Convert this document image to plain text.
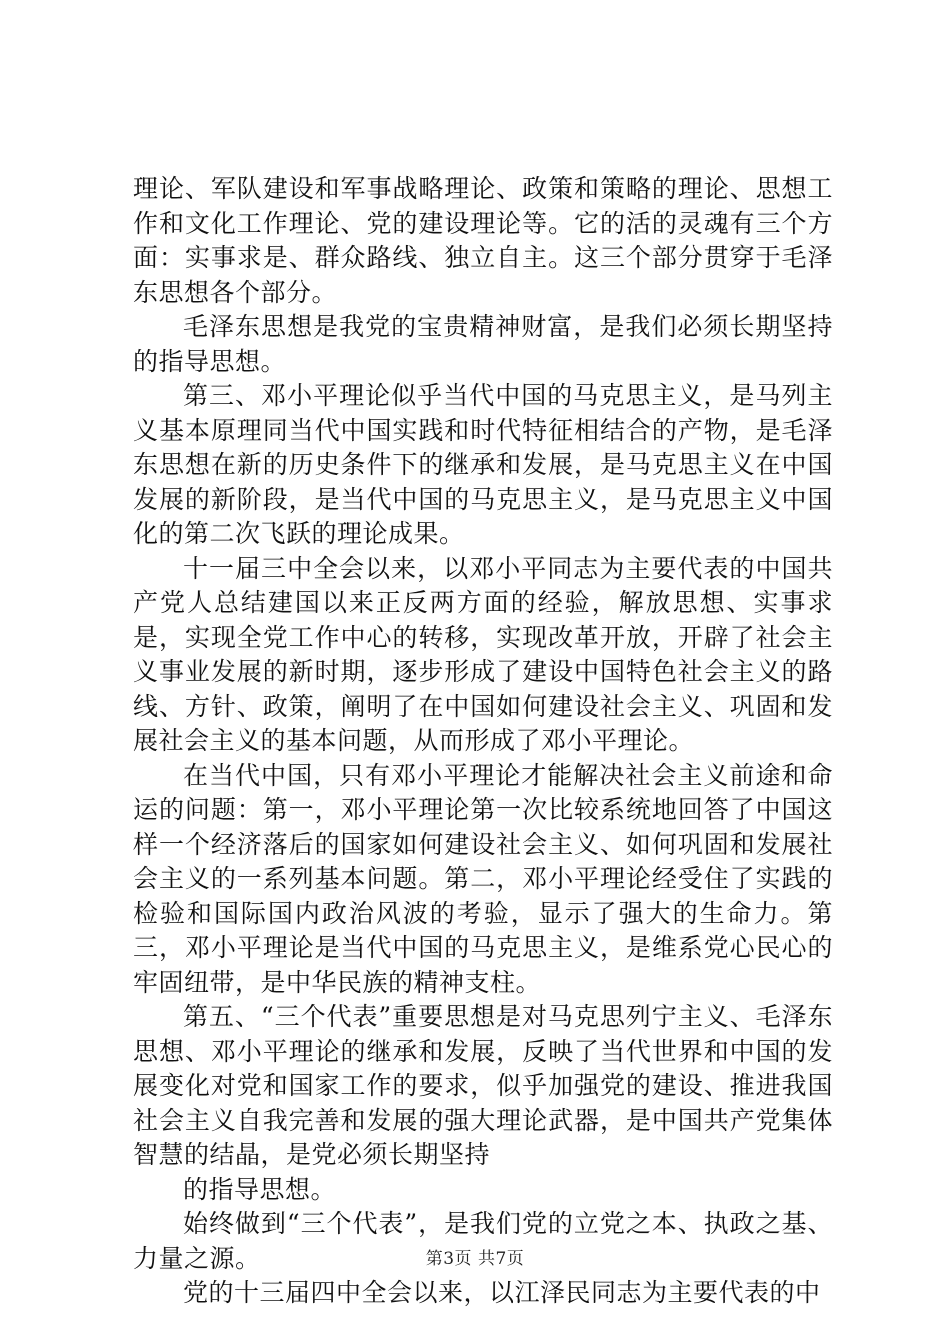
理论、军队建设和军事战略理论、政策和策略的理论、思想工作和文化工作理论、党的建设理论等。它的活的灵魂有三个方面：实事求是、群众路线、独立自主。这三个部分贯穿于毛泽东思想各个部分。

毛泽东思想是我党的宝贵精神财富，是我们必须长期坚持的指导思想。

第三、邓小平理论似乎当代中国的马克思主义，是马列主义基本原理同当代中国实践和时代特征相结合的产物，是毛泽东思想在新的历史条件下的继承和发展，是马克思主义在中国发展的新阶段，是当代中国的马克思主义，是马克思主义中国化的第二次飞跃的理论成果。

十一届三中全会以来，以邓小平同志为主要代表的中国共产党人总结建国以来正反两方面的经验，解放思想、实事求是，实现全党工作中心的转移，实现改革开放，开辟了社会主义事业发展的新时期，逐步形成了建设中国特色社会主义的路线、方针、政策，阐明了在中国如何建设社会主义、巩固和发展社会主义的基本问题，从而形成了邓小平理论。

在当代中国，只有邓小平理论才能解决社会主义前途和命运的问题：第一，邓小平理论第一次比较系统地回答了中国这样一个经济落后的国家如何建设社会主义、如何巩固和发展社会主义的一系列基本问题。第二，邓小平理论经受住了实践的检验和国际国内政治风波的考验，显示了强大的生命力。第三，邓小平理论是当代中国的马克思主义，是维系党心民心的牢固纽带，是中华民族的精神支柱。

第五、“三个代表”重要思想是对马克思列宁主义、毛泽东思想、邓小平理论的继承和发展，反映了当代世界和中国的发展变化对党和国家工作的要求，似乎加强党的建设、推进我国社会主义自我完善和发展的强大理论武器，是中国共产党集体智慧的结晶，是党必须长期坚持

的指导思想。

始终做到“三个代表”，是我们党的立党之本、执政之基、力量之源。

党的十三届四中全会以来，以江泽民同志为主要代表的中

第3页 共7页
